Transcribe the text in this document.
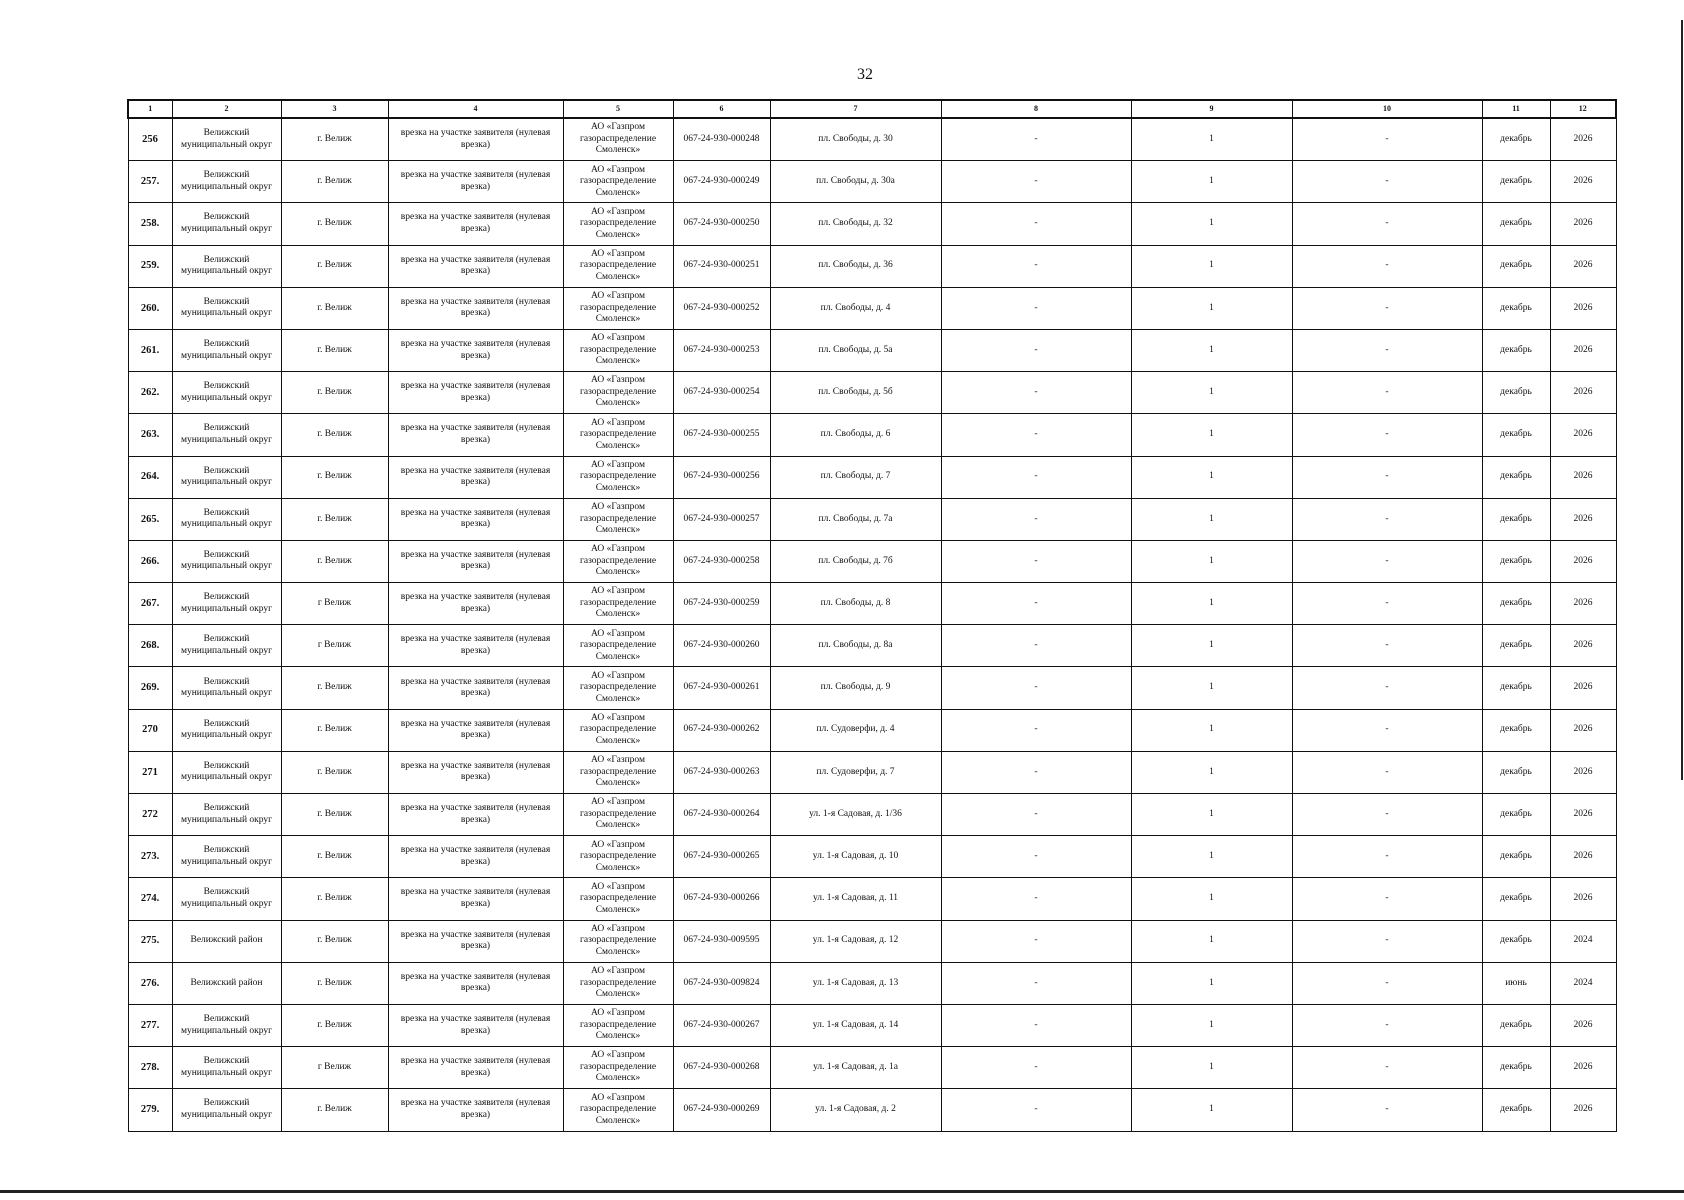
32
1	2	3	4	5	6	7	8	9	10	11	12
256	Велижский муниципальный округ	г. Велиж	врезка на участке заявителя (нулевая врезка)	АО «Газпром газораспределение Смоленск»	067-24-930-000248	пл. Свободы, д. 30	-	1	-	декабрь	2026
257.	Велижский муниципальный округ	г. Велиж	врезка на участке заявителя (нулевая врезка)	АО «Газпром газораспределение Смоленск»	067-24-930-000249	пл. Свободы, д. 30а	-	1	-	декабрь	2026
258.	Велижский муниципальный округ	г. Велиж	врезка на участке заявителя (нулевая врезка)	АО «Газпром газораспределение Смоленск»	067-24-930-000250	пл. Свободы, д. 32	-	1	-	декабрь	2026
259.	Велижский муниципальный округ	г. Велиж	врезка на участке заявителя (нулевая врезка)	АО «Газпром газораспределение Смоленск»	067-24-930-000251	пл. Свободы, д. 36	-	1	-	декабрь	2026
260.	Велижский муниципальный округ	г. Велиж	врезка на участке заявителя (нулевая врезка)	АО «Газпром газораспределение Смоленск»	067-24-930-000252	пл. Свободы, д. 4	-	1	-	декабрь	2026
261.	Велижский муниципальный округ	г. Велиж	врезка на участке заявителя (нулевая врезка)	АО «Газпром газораспределение Смоленск»	067-24-930-000253	пл. Свободы, д. 5а	-	1	-	декабрь	2026
262.	Велижский муниципальный округ	г. Велиж	врезка на участке заявителя (нулевая врезка)	АО «Газпром газораспределение Смоленск»	067-24-930-000254	пл. Свободы, д. 5б	-	1	-	декабрь	2026
263.	Велижский муниципальный округ	г. Велиж	врезка на участке заявителя (нулевая врезка)	АО «Газпром газораспределение Смоленск»	067-24-930-000255	пл. Свободы, д. 6	-	1	-	декабрь	2026
264.	Велижский муниципальный округ	г. Велиж	врезка на участке заявителя (нулевая врезка)	АО «Газпром газораспределение Смоленск»	067-24-930-000256	пл. Свободы, д. 7	-	1	-	декабрь	2026
265.	Велижский муниципальный округ	г. Велиж	врезка на участке заявителя (нулевая врезка)	АО «Газпром газораспределение Смоленск»	067-24-930-000257	пл. Свободы, д. 7а	-	1	-	декабрь	2026
266.	Велижский муниципальный округ	г. Велиж	врезка на участке заявителя (нулевая врезка)	АО «Газпром газораспределение Смоленск»	067-24-930-000258	пл. Свободы, д. 7б	-	1	-	декабрь	2026
267.	Велижский муниципальный округ	г Велиж	врезка на участке заявителя (нулевая врезка)	АО «Газпром газораспределение Смоленск»	067-24-930-000259	пл. Свободы, д. 8	-	1	-	декабрь	2026
268.	Велижский муниципальный округ	г Велиж	врезка на участке заявителя (нулевая врезка)	АО «Газпром газораспределение Смоленск»	067-24-930-000260	пл. Свободы, д. 8а	-	1	-	декабрь	2026
269.	Велижский муниципальный округ	г. Велиж	врезка на участке заявителя (нулевая врезка)	АО «Газпром газораспределение Смоленск»	067-24-930-000261	пл. Свободы, д. 9	-	1	-	декабрь	2026
270	Велижский муниципальный округ	г. Велиж	врезка на участке заявителя (нулевая врезка)	АО «Газпром газораспределение Смоленск»	067-24-930-000262	пл. Судоверфи, д. 4	-	1	-	декабрь	2026
271	Велижский муниципальный округ	г. Велиж	врезка на участке заявителя (нулевая врезка)	АО «Газпром газораспределение Смоленск»	067-24-930-000263	пл. Судоверфи, д. 7	-	1	-	декабрь	2026
272	Велижский муниципальный округ	г. Велиж	врезка на участке заявителя (нулевая врезка)	АО «Газпром газораспределение Смоленск»	067-24-930-000264	ул. 1-я Садовая, д. 1/36	-	1	-	декабрь	2026
273.	Велижский муниципальный округ	г. Велиж	врезка на участке заявителя (нулевая врезка)	АО «Газпром газораспределение Смоленск»	067-24-930-000265	ул. 1-я Садовая, д. 10	-	1	-	декабрь	2026
274.	Велижский муниципальный округ	г. Велиж	врезка на участке заявителя (нулевая врезка)	АО «Газпром газораспределение Смоленск»	067-24-930-000266	ул. 1-я Садовая, д. 11	-	1	-	декабрь	2026
275.	Велижский район	г. Велиж	врезка на участке заявителя (нулевая врезка)	АО «Газпром газораспределение Смоленск»	067-24-930-009595	ул. 1-я Садовая, д. 12	-	1	-	декабрь	2024
276.	Велижский район	г. Велиж	врезка на участке заявителя (нулевая врезка)	АО «Газпром газораспределение Смоленск»	067-24-930-009824	ул. 1-я Садовая, д. 13	-	1	-	июнь	2024
277.	Велижский муниципальный округ	г. Велиж	врезка на участке заявителя (нулевая врезка)	АО «Газпром газораспределение Смоленск»	067-24-930-000267	ул. 1-я Садовая, д. 14	-	1	-	декабрь	2026
278.	Велижский муниципальный округ	г Велиж	врезка на участке заявителя (нулевая врезка)	АО «Газпром газораспределение Смоленск»	067-24-930-000268	ул. 1-я Садовая, д. 1а	-	1	-	декабрь	2026
279.	Велижский муниципальный округ	г. Велиж	врезка на участке заявителя (нулевая врезка)	АО «Газпром газораспределение Смоленск»	067-24-930-000269	ул. 1-я Садовая, д. 2	-	1	-	декабрь	2026
